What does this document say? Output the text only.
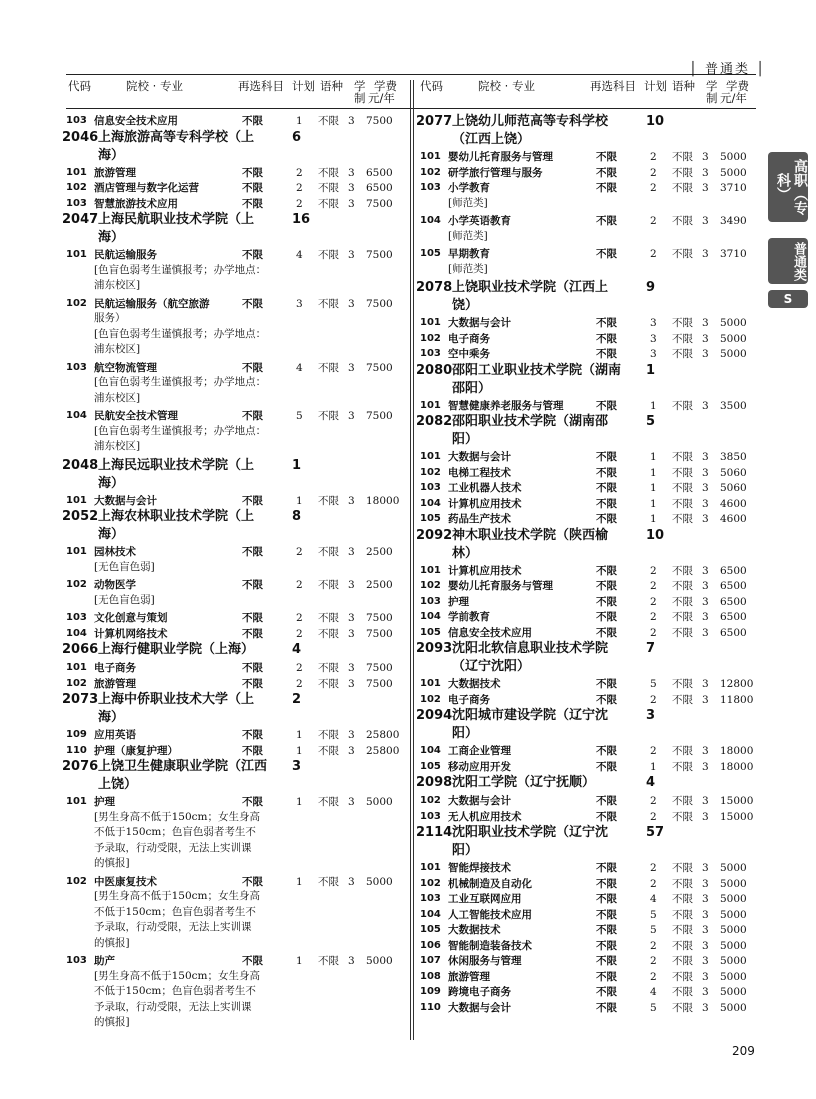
│ 普通类 │
代码	院校 · 专业	再选科目 计划 语种 学
制
学费
元/年
代码	院校 · 专业	再选科目 计划 语种 学
制
学费
元/年
103 信息安全技术应用	不限	1 不限 3 7500
2046 上海旅游高等专科学校（上	6
海）
101 旅游管理	不限	2 不限 3 6500
102 酒店管理与数字化运营	不限	2 不限 3 6500
103 智慧旅游技术应用	不限	2 不限 3 7500
2047 上海民航职业技术学院（上	16
海）
101 民航运输服务	不限	4 不限 3 7500
[色盲色弱考生谨慎报考；办学地点：
浦东校区]
102 民航运输服务（航空旅游	不限	3 不限 3 7500
服务）
[色盲色弱考生谨慎报考；办学地点：
浦东校区]
103 航空物流管理	不限	4 不限 3 7500
[色盲色弱考生谨慎报考；办学地点：
浦东校区]
104 民航安全技术管理	不限	5 不限 3 7500
[色盲色弱考生谨慎报考；办学地点：
浦东校区]
2048 上海民远职业技术学院（上	1
海）
101 大数据与会计	不限	1 不限 3 18000
2052 上海农林职业技术学院（上	8
海）
101 园林技术	不限	2 不限 3 2500
[无色盲色弱]
102 动物医学	不限	2 不限 3 2500
[无色盲色弱]
103 文化创意与策划	不限	2 不限 3 7500
104 计算机网络技术	不限	2 不限 3 7500
2066 上海行健职业学院（上海）	4
101 电子商务	不限	2 不限 3 7500
102 旅游管理	不限	2 不限 3 7500
2073 上海中侨职业技术大学（上	2
海）
109 应用英语	不限	1 不限 3 25800
110 护理（康复护理）	不限	1 不限 3 25800
2076 上饶卫生健康职业学院（江西 3
上饶）
101 护理	不限	1 不限 3 5000
[男生身高不低于150cm；女生身高
不低于150cm；色盲色弱者考生不
予录取，行动受限，无法上实训课
的慎报]
102 中医康复技术	不限	1 不限 3 5000
[男生身高不低于150cm；女生身高
不低于150cm；色盲色弱者考生不
予录取，行动受限，无法上实训课
的慎报]
103 助产	不限	1 不限 3 5000
[男生身高不低于150cm；女生身高
不低于150cm；色盲色弱者考生不
予录取，行动受限，无法上实训课
的慎报]
2077 上饶幼儿师范高等专科学校	10
（江西上饶）
101 婴幼儿托育服务与管理	不限	2 不限 3 5000
102 研学旅行管理与服务	不限	2 不限 3 5000
103 小学教育	不限	2 不限 3 3710
[师范类]
104 小学英语教育	不限	2 不限 3 3490
[师范类]
105 早期教育	不限	2 不限 3 3710
[师范类]
2078 上饶职业技术学院（江西上	9
饶）
101 大数据与会计	不限	3 不限 3 5000
102 电子商务	不限	3 不限 3 5000
103 空中乘务	不限	3 不限 3 5000
2080 邵阳工业职业技术学院（湖南 1
邵阳）
101 智慧健康养老服务与管理	不限	1 不限 3 3500
2082 邵阳职业技术学院（湖南邵	5
阳）
101 大数据与会计	不限	1 不限 3 3850
102 电梯工程技术	不限	1 不限 3 5060
103 工业机器人技术	不限	1 不限 3 5060
104 计算机应用技术	不限	1 不限 3 4600
105 药品生产技术	不限	1 不限 3 4600
2092 神木职业技术学院（陕西榆	10
林）
101 计算机应用技术	不限	2 不限 3 6500
102 婴幼儿托育服务与管理	不限	2 不限 3 6500
103 护理	不限	2 不限 3 6500
104 学前教育	不限	2 不限 3 6500
105 信息安全技术应用	不限	2 不限 3 6500
2093 沈阳北软信息职业技术学院	7
（辽宁沈阳）
101 大数据技术	不限	5 不限 3 12800
102 电子商务	不限	2 不限 3 11800
2094 沈阳城市建设学院（辽宁沈	3
阳）
104 工商企业管理	不限	2 不限 3 18000
105 移动应用开发	不限	1 不限 3 18000
2098 沈阳工学院（辽宁抚顺）	4
102 大数据与会计	不限	2 不限 3 15000
103 无人机应用技术	不限	2 不限 3 15000
2114 沈阳职业技术学院（辽宁沈	57
阳）
101 智能焊接技术	不限	2 不限 3 5000
102 机械制造及自动化	不限	2 不限 3 5000
103 工业互联网应用	不限	4 不限 3 5000
104 人工智能技术应用	不限	5 不限 3 5000
105 大数据技术	不限	5 不限 3 5000
106 智能制造装备技术	不限	2 不限 3 5000
107 休闲服务与管理	不限	2 不限 3 5000
108 旅游管理	不限	2 不限 3 5000
109 跨境电子商务	不限	4 不限 3 5000
110 大数据与会计	不限	5 不限 3 5000
高职（专科）
普通类
S
209
